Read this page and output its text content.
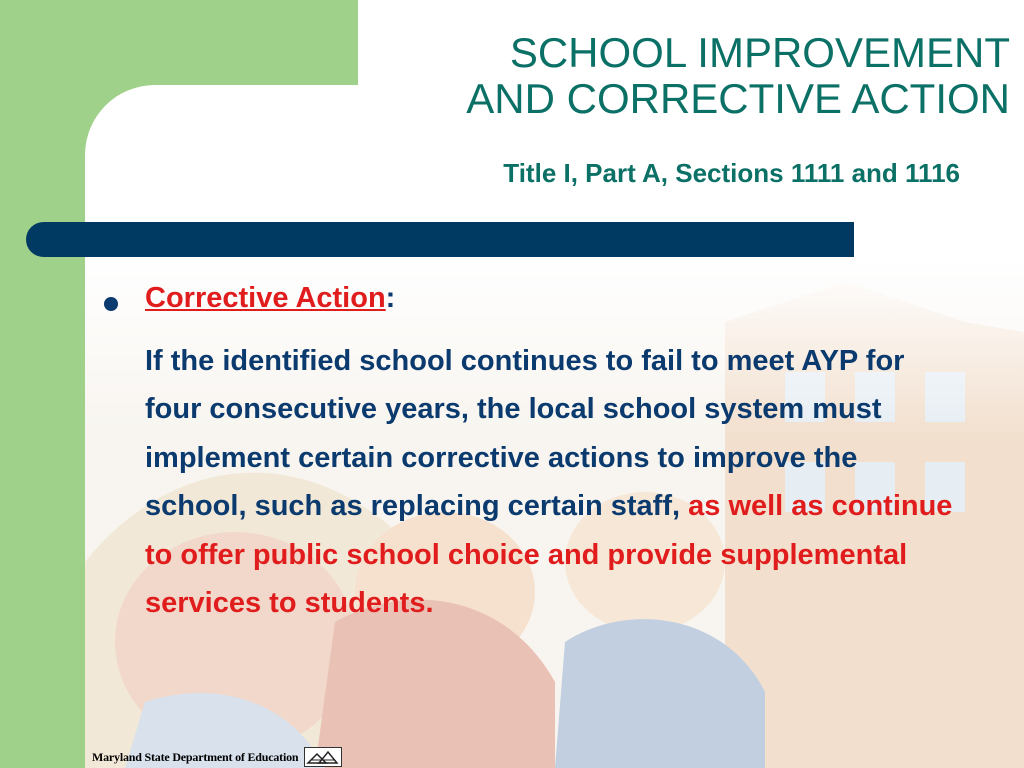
SCHOOL IMPROVEMENT
AND CORRECTIVE ACTION
Title I, Part A, Sections 1111 and 1116
Corrective Action:

If the identified school continues to fail to meet AYP for four consecutive years, the local school system must implement certain corrective actions to improve the school, such as replacing certain staff, as well as continue to offer public school choice and provide supplemental services to students.

Maryland State Department of Education
